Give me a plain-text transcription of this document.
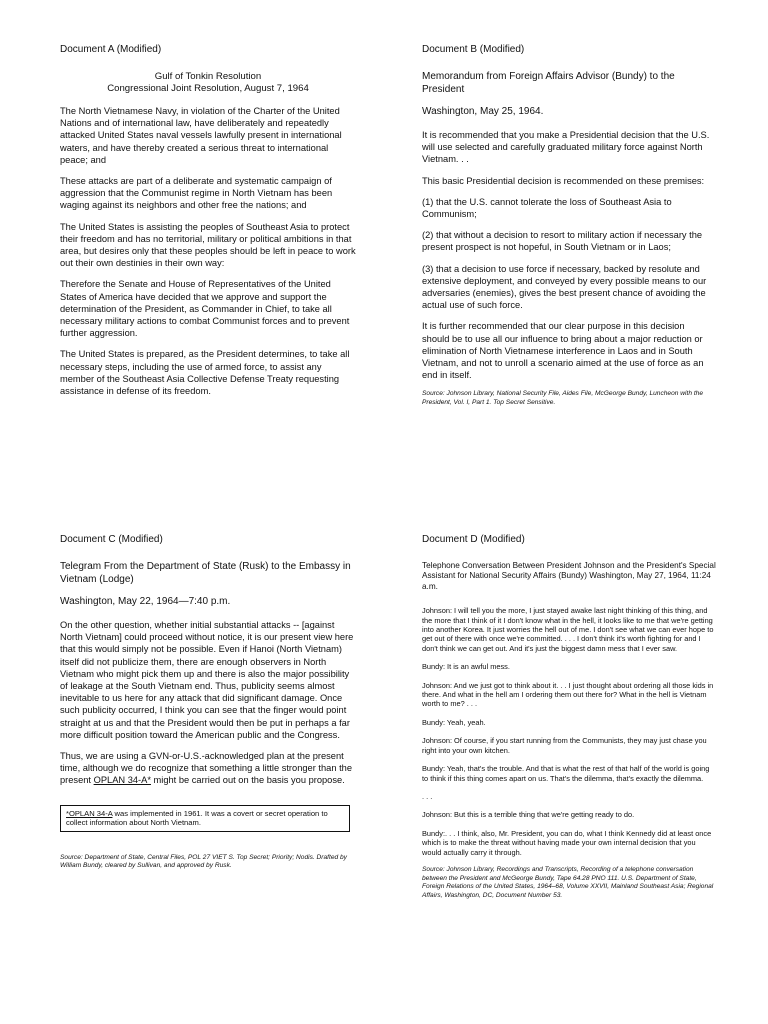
Document A (Modified)
Gulf of Tonkin Resolution
Congressional Joint Resolution, August 7, 1964

The North Vietnamese Navy, in violation of the Charter of the United Nations and of international law, have deliberately and repeatedly attacked United States naval vessels lawfully present in international waters, and have thereby created a serious threat to international peace; and

These attacks are part of a deliberate and systematic campaign of aggression that the Communist regime in North Vietnam has been waging against its neighbors and other free the nations; and

The United States is assisting the peoples of Southeast Asia to protect their freedom and has no territorial, military or political ambitions in that area, but desires only that these peoples should be left in peace to work out their own destinies in their own way:

Therefore the Senate and House of Representatives of the United States of America have decided that we approve and support the determination of the President, as Commander in Chief, to take all necessary military actions to combat Communist forces and to prevent further aggression.

The United States is prepared, as the President determines, to take all necessary steps, including the use of armed force, to assist any member of the Southeast Asia Collective Defense Treaty requesting assistance in defense of its freedom.

Document B (Modified)
Memorandum from Foreign Affairs Advisor (Bundy) to the President
Washington, May 25, 1964.

It is recommended that you make a Presidential decision that the U.S. will use selected and carefully graduated military force against North Vietnam. . .

This basic Presidential decision is recommended on these premises:

(1) that the U.S. cannot tolerate the loss of Southeast Asia to Communism;

(2) that without a decision to resort to military action if necessary the present prospect is not hopeful, in South Vietnam or in Laos;

(3) that a decision to use force if necessary, backed by resolute and extensive deployment, and conveyed by every possible means to our adversaries (enemies), gives the best present chance of avoiding the actual use of such force.

It is further recommended that our clear purpose in this decision should be to use all our influence to bring about a major reduction or elimination of North Vietnamese interference in Laos and in South Vietnam, and not to unroll a scenario aimed at the use of force as an end in itself.

Source: Johnson Library, National Security File, Aides File, McGeorge Bundy, Luncheon with the President, Vol. I, Part 1. Top Secret Sensitive.

Document C (Modified)
Telegram From the Department of State (Rusk) to the Embassy in Vietnam (Lodge)
Washington, May 22, 1964—7:40 p.m.

On the other question, whether initial substantial attacks -- [against North Vietnam] could proceed without notice, it is our present view here that this would simply not be possible. Even if Hanoi (North Vietnam) itself did not publicize them, there are enough observers in North Vietnam who might pick them up and there is also the major possibility of leakage at the South Vietnam end. Thus, publicity seems almost inevitable to us here for any attack that did significant damage. Once such publicity occurred, I think you can see that the finger would point straight at us and that the President would then be put in perhaps a far more difficult position toward the American public and the Congress.

Thus, we are using a GVN-or-U.S.-acknowledged plan at the present time, although we do recognize that something a little stronger than the present OPLAN 34-A* might be carried out on the basis you propose.

*OPLAN 34-A was implemented in 1961. It was a covert or secret operation to collect information about North Vietnam.

Source: Department of State, Central Files, POL 27 VIET S. Top Secret; Priority; Nodis. Drafted by William Bundy, cleared by Sullivan, and approved by Rusk.

Document D (Modified)
Telephone Conversation Between President Johnson and the President's Special Assistant for National Security Affairs (Bundy) Washington, May 27, 1964, 11:24 a.m.

Johnson: I will tell you the more, I just stayed awake last night thinking of this thing, and the more that I think of it I don't know what in the hell, it looks like to me that we're getting into another Korea. It just worries the hell out of me. I don't see what we can ever hope to get out of there with once we're committed. . . . I don't think it's worth fighting for and I don't think we can get out. And it's just the biggest damn mess that I ever saw.

Bundy: It is an awful mess.

Johnson: And we just got to think about it. . . I just thought about ordering all those kids in there. And what in the hell am I ordering them out there for? What in the hell is Vietnam worth to me? . . .

Bundy: Yeah, yeah.

Johnson: Of course, if you start running from the Communists, they may just chase you right into your own kitchen.

Bundy: Yeah, that's the trouble. And that is what the rest of that half of the world is going to think if this thing comes apart on us. That's the dilemma, that's exactly the dilemma.

. . .

Johnson: But this is a terrible thing that we're getting ready to do.

Bundy:. . . I think, also, Mr. President, you can do, what I think Kennedy did at least once which is to make the threat without having made your own internal decision that you would actually carry it through.

Source: Johnson Library, Recordings and Transcripts, Recording of a telephone conversation between the President and McGeorge Bundy, Tape 64.28 PNO 111. U.S. Department of State, Foreign Relations of the United States, 1964–68, Volume XXVII, Mainland Southeast Asia; Regional Affairs, Washington, DC, Document Number 53.
